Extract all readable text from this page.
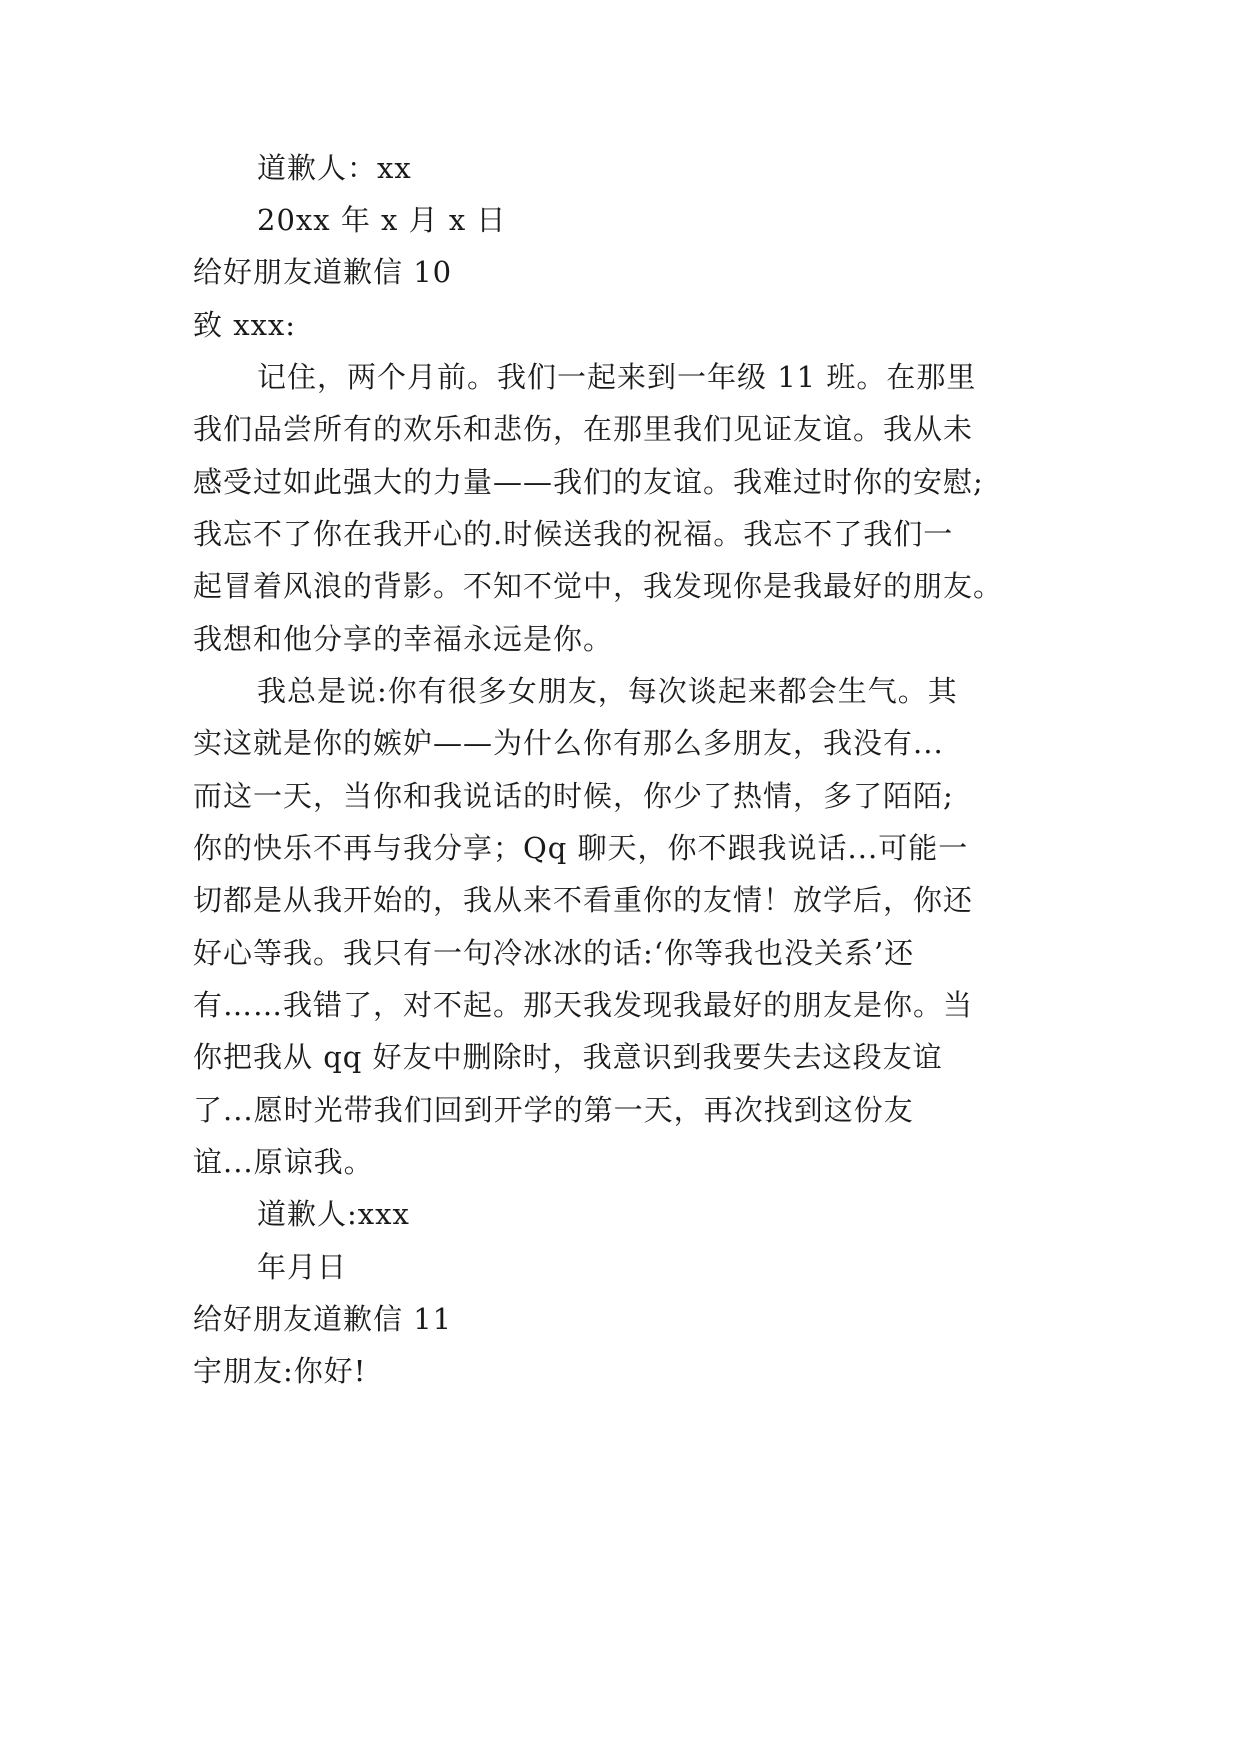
道歉人：xx
20xx 年 x 月 x 日
给好朋友道歉信 10
致 xxx:
记住，两个月前。我们一起来到一年级 11 班。在那里
我们品尝所有的欢乐和悲伤，在那里我们见证友谊。我从未
感受过如此强大的力量——我们的友谊。我难过时你的安慰;
我忘不了你在我开心的.时候送我的祝福。我忘不了我们一
起冒着风浪的背影。不知不觉中，我发现你是我最好的朋友。
我想和他分享的幸福永远是你。
我总是说:你有很多女朋友，每次谈起来都会生气。其
实这就是你的嫉妒——为什么你有那么多朋友，我没有...
而这一天，当你和我说话的时候，你少了热情，多了陌陌;
你的快乐不再与我分享；Qq 聊天，你不跟我说话...可能一
切都是从我开始的，我从来不看重你的友情！放学后，你还
好心等我。我只有一句冷冰冰的话:‘你等我也没关系’还
有……我错了，对不起。那天我发现我最好的朋友是你。当
你把我从 qq 好友中删除时，我意识到我要失去这段友谊
了...愿时光带我们回到开学的第一天，再次找到这份友
谊...原谅我。
道歉人:xxx
年月日
给好朋友道歉信 11
宇朋友:你好!
